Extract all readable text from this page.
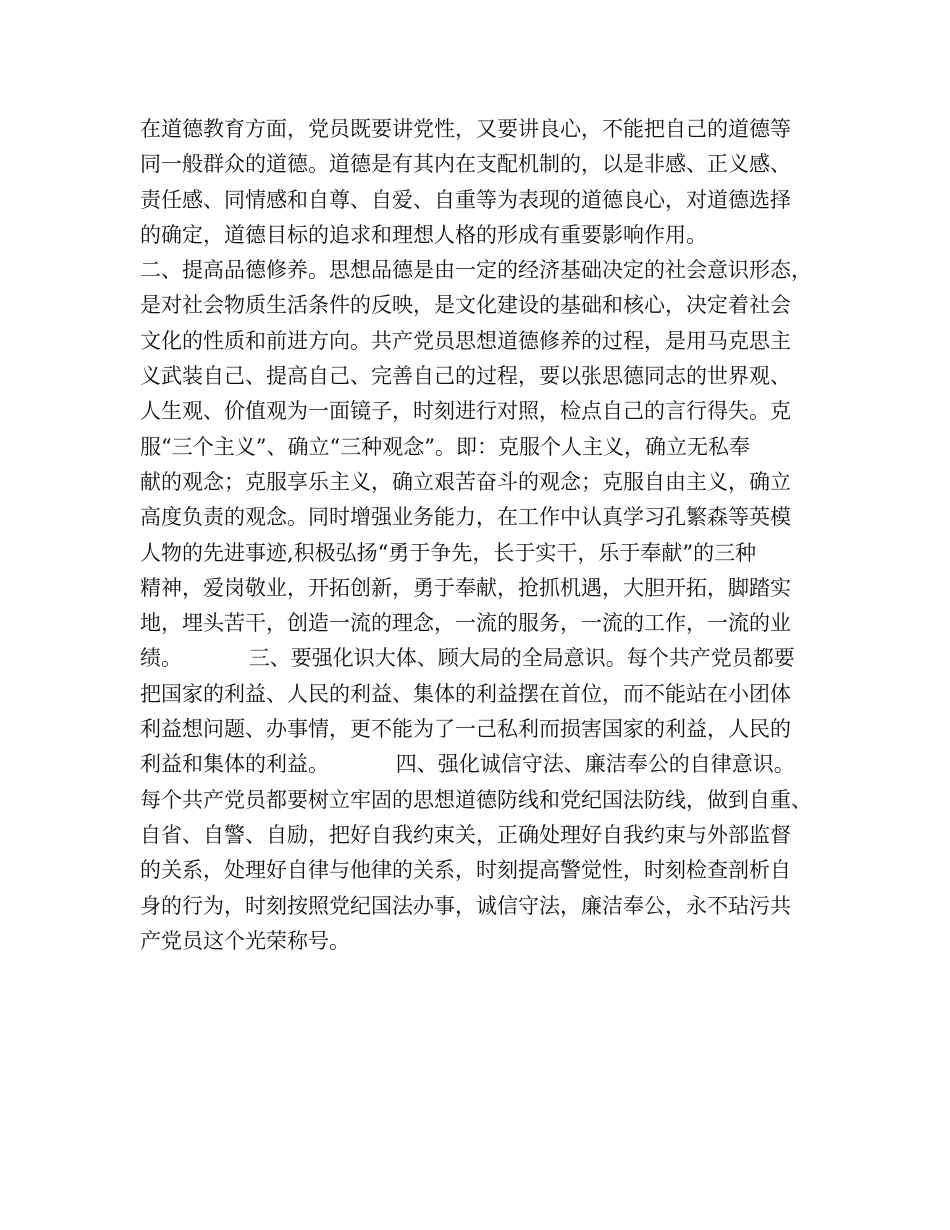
在道德教育方面，党员既要讲党性，又要讲良心，不能把自己的道德等
同一般群众的道德。道德是有其内在支配机制的，以是非感、正义感、
责任感、同情感和自尊、自爱、自重等为表现的道德良心，对道德选择
的确定，道德目标的追求和理想人格的形成有重要影响作用。
二、提高品德修养。思想品德是由一定的经济基础决定的社会意识形态，
是对社会物质生活条件的反映，是文化建设的基础和核心，决定着社会
文化的性质和前进方向。共产党员思想道德修养的过程，是用马克思主
义武装自己、提高自己、完善自己的过程，要以张思德同志的世界观、
人生观、价值观为一面镜子，时刻进行对照，检点自己的言行得失。克
服“三个主义”、确立“三种观念”。即：克服个人主义，确立无私奉
献的观念；克服享乐主义，确立艰苦奋斗的观念；克服自由主义，确立
高度负责的观念。同时增强业务能力，在工作中认真学习孔繁森等英模
人物的先进事迹,积极弘扬“勇于争先，长于实干，乐于奉献”的三种
精神，爱岗敬业，开拓创新，勇于奉献，抢抓机遇，大胆开拓，脚踏实
地，埋头苦干，创造一流的理念，一流的服务，一流的工作，一流的业
绩。          三、要强化识大体、顾大局的全局意识。每个共产党员都要
把国家的利益、人民的利益、集体的利益摆在首位，而不能站在小团体
利益想问题、办事情，更不能为了一己私利而损害国家的利益，人民的
利益和集体的利益。          四、强化诚信守法、廉洁奉公的自律意识。
每个共产党员都要树立牢固的思想道德防线和党纪国法防线，做到自重、
自省、自警、自励，把好自我约束关，正确处理好自我约束与外部监督
的关系，处理好自律与他律的关系，时刻提高警觉性，时刻检查剖析自
身的行为，时刻按照党纪国法办事，诚信守法，廉洁奉公，永不玷污共
产党员这个光荣称号。
